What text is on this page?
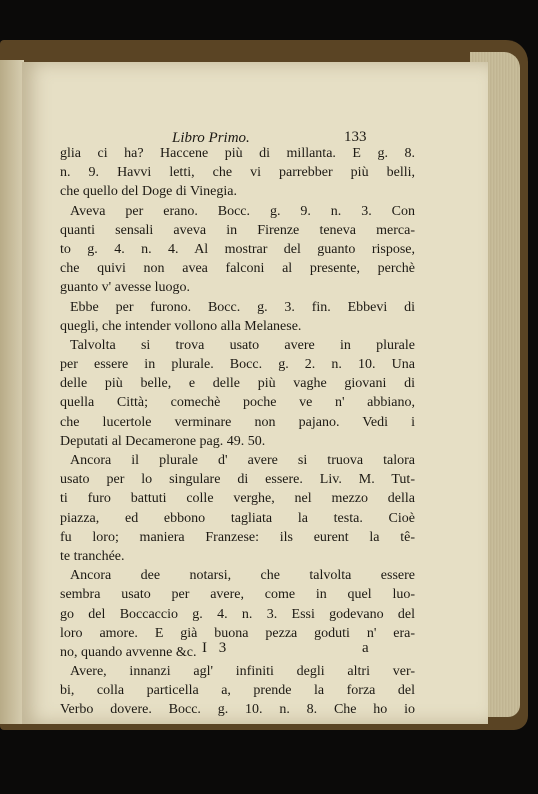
Libro Primo.	133
glia ci ha? Haccene più di millanta. E g. 8.
n. 9. Havvi letti, che vi parrebber più belli,
che quello del Doge di Vinegia.
Aveva per erano. Bocc. g. 9. n. 3. Con
quanti sensali aveva in Firenze teneva merca-
to g. 4. n. 4. Al mostrar del guanto rispose,
che quivi non avea falconi al presente, perchè
guanto v' avesse luogo.
Ebbe per furono. Bocc. g. 3. fin. Ebbevi di
quegli, che intender vollono alla Melanese.
Talvolta si trova usato avere in plurale
per essere in plurale. Bocc. g. 2. n. 10. Una
delle più belle, e delle più vaghe giovani di
quella Città; comechè poche ve n' abbiano,
che lucertole verminare non pajano. Vedi i
Deputati al Decamerone pag. 49. 50.
Ancora il plurale d' avere si truova talora
usato per lo singulare di essere. Liv. M. Tut-
ti furo battuti colle verghe, nel mezzo della
piazza, ed ebbono tagliata la testa. Cioè
fu loro; maniera Franzese: ils eurent la tê-
te tranchée.
Ancora dee notarsi, che talvolta essere
sembra usato per avere, come in quel luo-
go del Boccaccio g. 4. n. 3. Essi godevano del
loro amore. E già buona pezza goduti n' era-
no, quando avvenne &c.
Avere, innanzi agl' infiniti degli altri ver-
bi, colla particella a, prende la forza del
Verbo dovere. Bocc. g. 10. n. 8. Che ho io
I 3	a
